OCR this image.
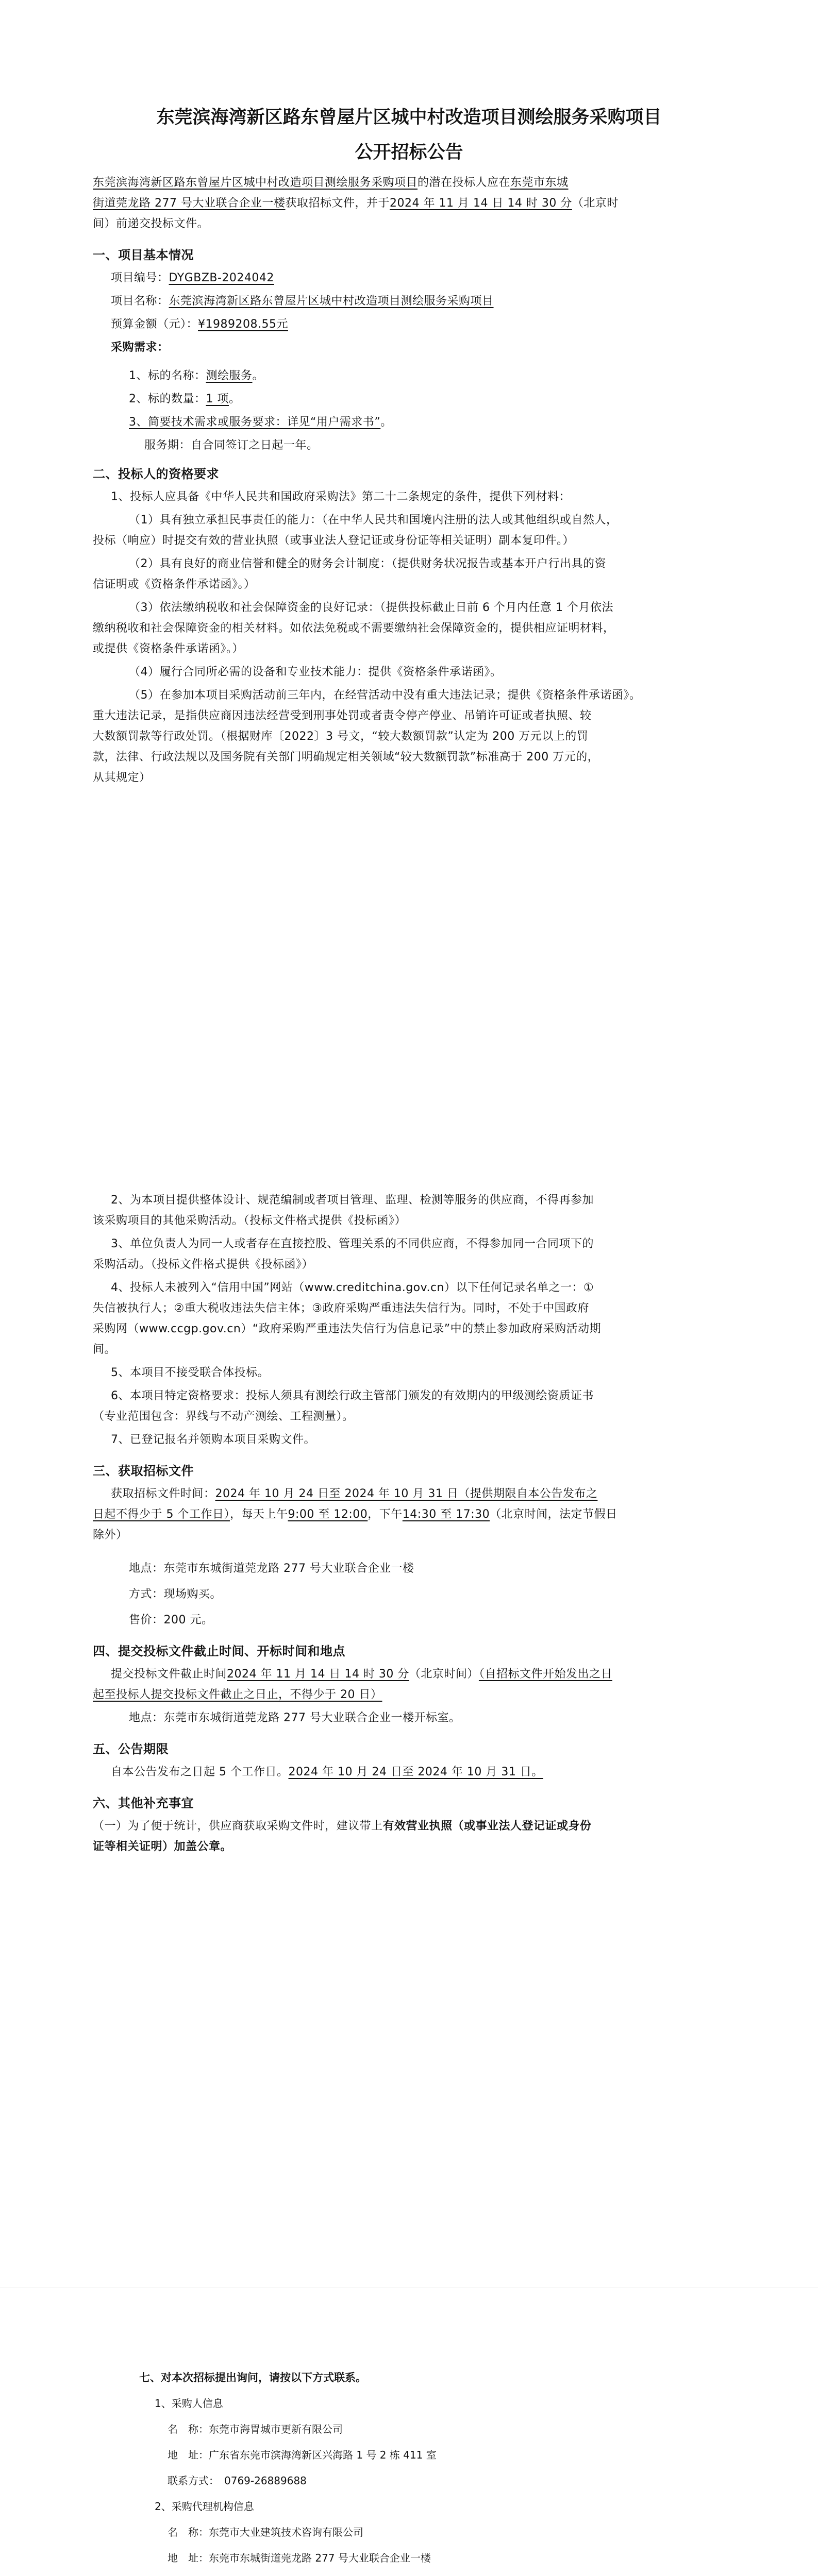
东莞滨海湾新区路东曾屋片区城中村改造项目测绘服务采购项目
公开招标公告
东莞滨海湾新区路东曾屋片区城中村改造项目测绘服务采购项目的潜在投标人应在东莞市东城
街道莞龙路 277 号大业联合企业一楼获取招标文件，并于2024 年 11 月 14 日 14 时 30 分（北京时
间）前递交投标文件。
一、项目基本情况
项目编号：DYGBZB-2024042
项目名称：东莞滨海湾新区路东曾屋片区城中村改造项目测绘服务采购项目
预算金额（元）：¥1989208.55元
采购需求：
1、标的名称：测绘服务。
2、标的数量：1 项。
3、简要技术需求或服务要求：详见“用户需求书”。
服务期：自合同签订之日起一年。
二、投标人的资格要求
1、投标人应具备《中华人民共和国政府采购法》第二十二条规定的条件，提供下列材料：
（1）具有独立承担民事责任的能力：（在中华人民共和国境内注册的法人或其他组织或自然人，
投标（响应）时提交有效的营业执照（或事业法人登记证或身份证等相关证明）副本复印件。）
（2）具有良好的商业信誉和健全的财务会计制度：（提供财务状况报告或基本开户行出具的资
信证明或《资格条件承诺函》。）
（3）依法缴纳税收和社会保障资金的良好记录：（提供投标截止日前 6 个月内任意 1 个月依法
缴纳税收和社会保障资金的相关材料。如依法免税或不需要缴纳社会保障资金的，提供相应证明材料，
或提供《资格条件承诺函》。）
（4）履行合同所必需的设备和专业技术能力：提供《资格条件承诺函》。
（5）在参加本项目采购活动前三年内，在经营活动中没有重大违法记录；提供《资格条件承诺函》。
重大违法记录，是指供应商因违法经营受到刑事处罚或者责令停产停业、吊销许可证或者执照、较
大数额罚款等行政处罚。（根据财库〔2022〕3 号文，“较大数额罚款”认定为 200 万元以上的罚
款，法律、行政法规以及国务院有关部门明确规定相关领域“较大数额罚款”标准高于 200 万元的，
从其规定）
2、为本项目提供整体设计、规范编制或者项目管理、监理、检测等服务的供应商，不得再参加
该采购项目的其他采购活动。（投标文件格式提供《投标函》）
3、单位负责人为同一人或者存在直接控股、管理关系的不同供应商，不得参加同一合同项下的
采购活动。（投标文件格式提供《投标函》）
4、投标人未被列入“信用中国”网站（www.creditchina.gov.cn）以下任何记录名单之一：①
失信被执行人；②重大税收违法失信主体；③政府采购严重违法失信行为。同时，不处于中国政府
采购网（www.ccgp.gov.cn）“政府采购严重违法失信行为信息记录”中的禁止参加政府采购活动期
间。
5、本项目不接受联合体投标。
6、本项目特定资格要求：投标人须具有测绘行政主管部门颁发的有效期内的甲级测绘资质证书
（专业范围包含：界线与不动产测绘、工程测量）。
7、已登记报名并领购本项目采购文件。
三、获取招标文件
获取招标文件时间：2024 年 10 月 24 日至 2024 年 10 月 31 日（提供期限自本公告发布之
日起不得少于 5 个工作日），每天上午9:00 至 12:00，下午14:30 至 17:30（北京时间，法定节假日
除外）
地点：东莞市东城街道莞龙路 277 号大业联合企业一楼
方式：现场购买。
售价：200 元。
四、提交投标文件截止时间、开标时间和地点
提交投标文件截止时间2024 年 11 月 14 日 14 时 30 分（北京时间）（自招标文件开始发出之日
起至投标人提交投标文件截止之日止，不得少于 20 日）
地点：东莞市东城街道莞龙路 277 号大业联合企业一楼开标室。
五、公告期限
自本公告发布之日起 5 个工作日。2024 年 10 月 24 日至 2024 年 10 月 31 日。
六、其他补充事宜
（一）为了便于统计，供应商获取采购文件时，建议带上有效营业执照（或事业法人登记证或身份
证等相关证明）加盖公章。
七、对本次招标提出询问，请按以下方式联系。
1、采购人信息
名　称：东莞市海胃城市更新有限公司
地　址：广东省东莞市滨海湾新区兴海路 1 号 2 栋 411 室
联系方式：　0769-26889688
2、采购代理机构信息
名　称：东莞市大业建筑技术咨询有限公司
地　址：东莞市东城街道莞龙路 277 号大业联合企业一楼
